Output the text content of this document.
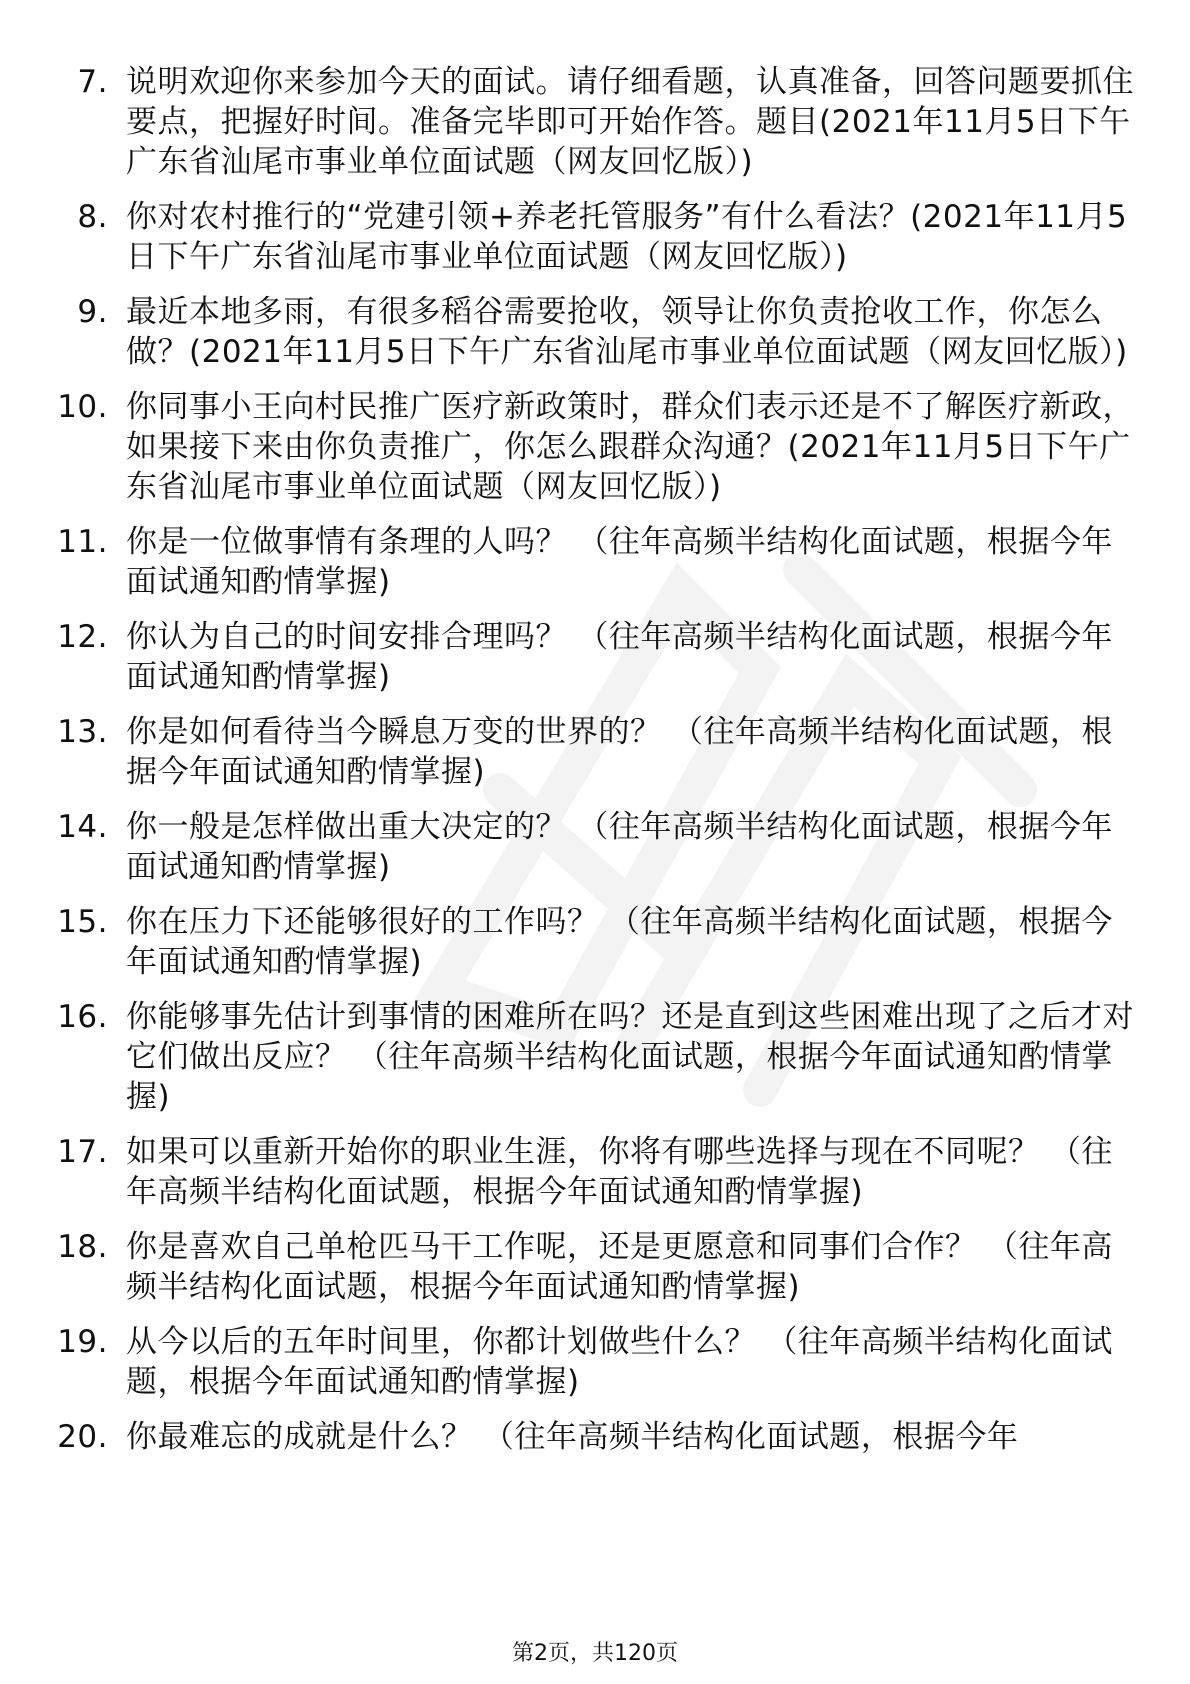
7. 说明欢迎你来参加今天的面试。请仔细看题，认真准备，回答问题要抓住要点，把握好时间。准备完毕即可开始作答。题目(2021年11月5日下午广东省汕尾市事业单位面试题（网友回忆版）)
8. 你对农村推行的“党建引领+养老托管服务”有什么看法？(2021年11月5日下午广东省汕尾市事业单位面试题（网友回忆版）)
9. 最近本地多雨，有很多稻谷需要抢收，领导让你负责抢收工作，你怎么做？(2021年11月5日下午广东省汕尾市事业单位面试题（网友回忆版）)
10. 你同事小王向村民推广医疗新政策时，群众们表示还是不了解医疗新政，如果接下来由你负责推广，你怎么跟群众沟通？(2021年11月5日下午广东省汕尾市事业单位面试题（网友回忆版）)
11. 你是一位做事情有条理的人吗？ （往年高频半结构化面试题，根据今年面试通知酌情掌握)
12. 你认为自己的时间安排合理吗？ （往年高频半结构化面试题，根据今年面试通知酌情掌握)
13. 你是如何看待当今瞬息万变的世界的？ （往年高频半结构化面试题，根据今年面试通知酌情掌握)
14. 你一般是怎样做出重大决定的？ （往年高频半结构化面试题，根据今年面试通知酌情掌握)
15. 你在压力下还能够很好的工作吗？ （往年高频半结构化面试题，根据今年面试通知酌情掌握)
16. 你能够事先估计到事情的困难所在吗？还是直到这些困难出现了之后才对它们做出反应？ （往年高频半结构化面试题，根据今年面试通知酌情掌握)
17. 如果可以重新开始你的职业生涯，你将有哪些选择与现在不同呢？ （往年高频半结构化面试题，根据今年面试通知酌情掌握)
18. 你是喜欢自己单枪匹马干工作呢，还是更愿意和同事们合作？ （往年高频半结构化面试题，根据今年面试通知酌情掌握)
19. 从今以后的五年时间里，你都计划做些什么？ （往年高频半结构化面试题，根据今年面试通知酌情掌握)
20. 你最难忘的成就是什么？ （往年高频半结构化面试题，根据今年
第2页，共120页
